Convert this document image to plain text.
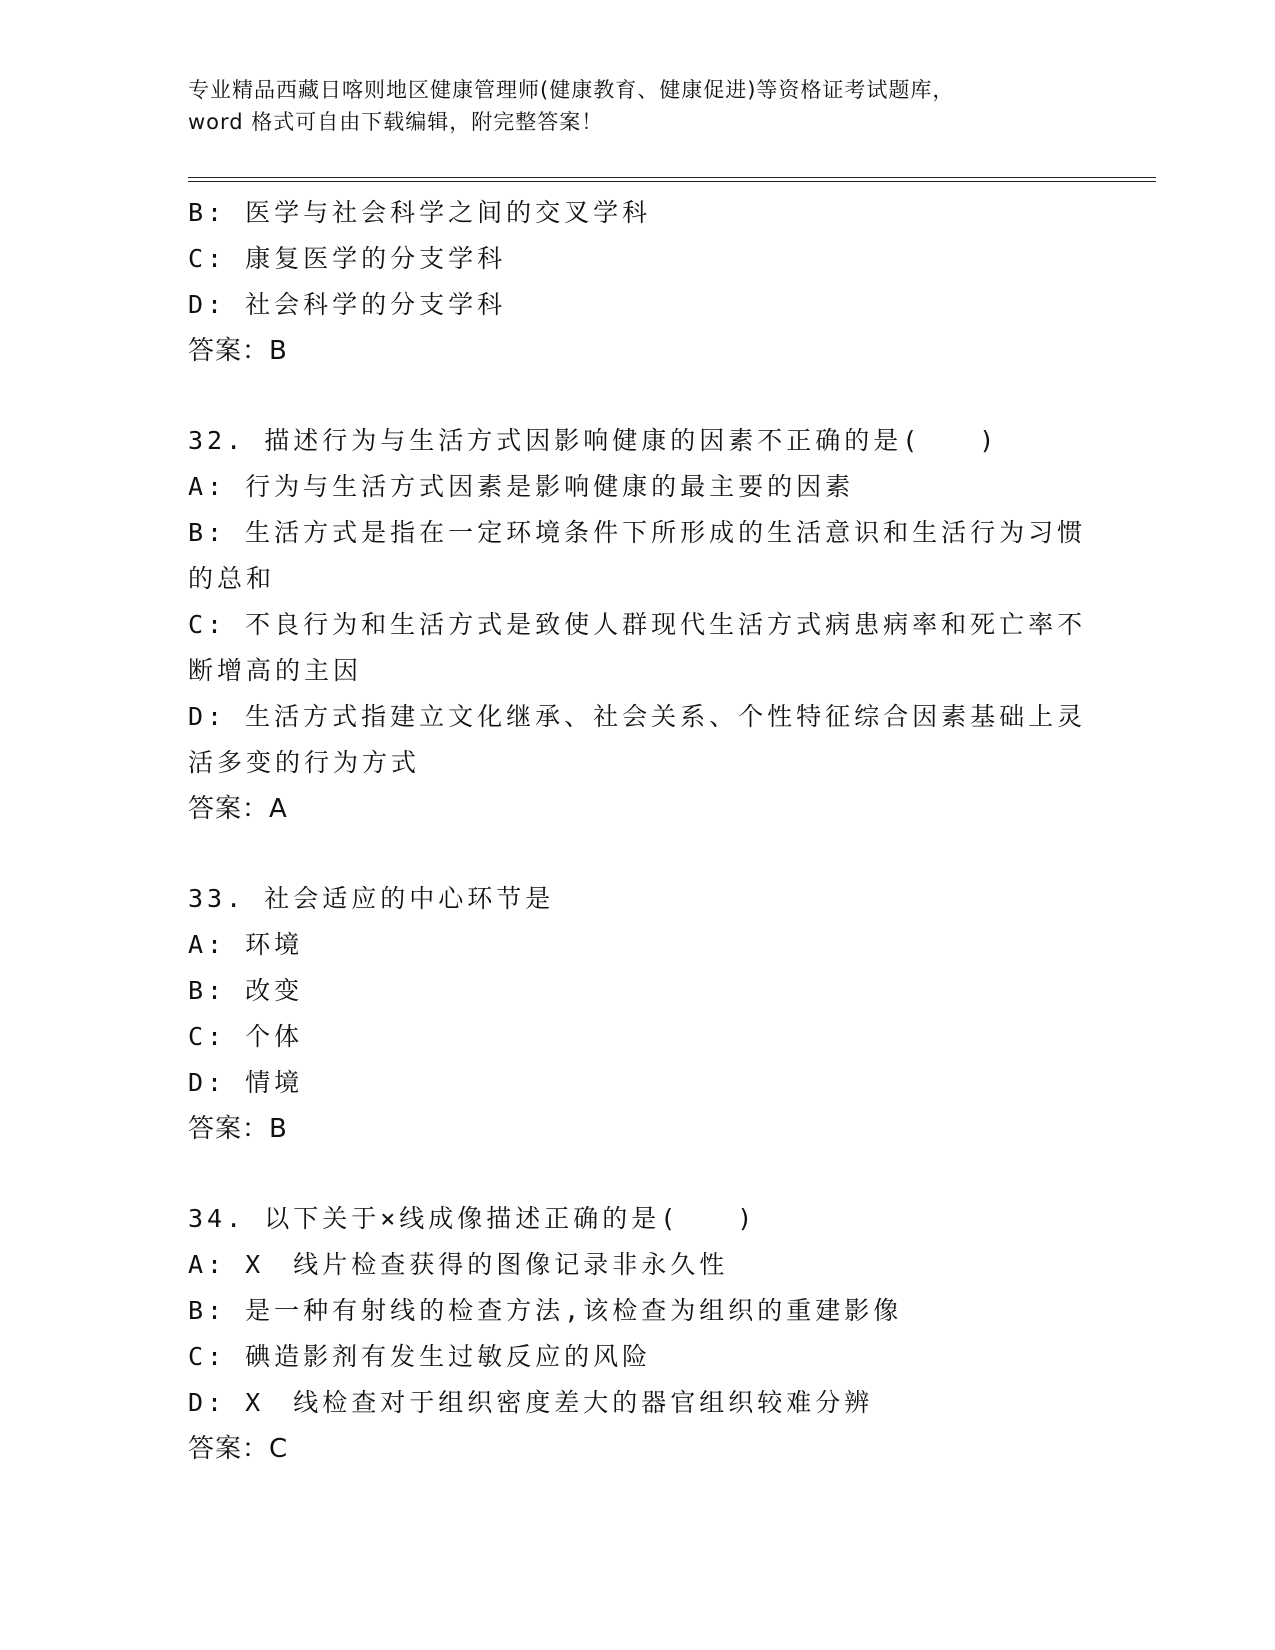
专业精品西藏日喀则地区健康管理师(健康教育、健康促进)等资格证考试题库，
word 格式可自由下载编辑，附完整答案！
B: 医学与社会科学之间的交叉学科
C: 康复医学的分支学科
D: 社会科学的分支学科
答案：B
32. 描述行为与生活方式因影响健康的因素不正确的是(　　)
A: 行为与生活方式因素是影响健康的最主要的因素
B: 生活方式是指在一定环境条件下所形成的生活意识和生活行为习惯
的总和
C: 不良行为和生活方式是致使人群现代生活方式病患病率和死亡率不
断增高的主因
D: 生活方式指建立文化继承、社会关系、个性特征综合因素基础上灵
活多变的行为方式
答案：A
33. 社会适应的中心环节是
A: 环境
B: 改变
C: 个体
D: 情境
答案：B
34. 以下关于×线成像描述正确的是(　　)
A: X　线片检查获得的图像记录非永久性
B: 是一种有射线的检查方法,该检查为组织的重建影像
C: 碘造影剂有发生过敏反应的风险
D: X　线检查对于组织密度差大的器官组织较难分辨
答案：C
